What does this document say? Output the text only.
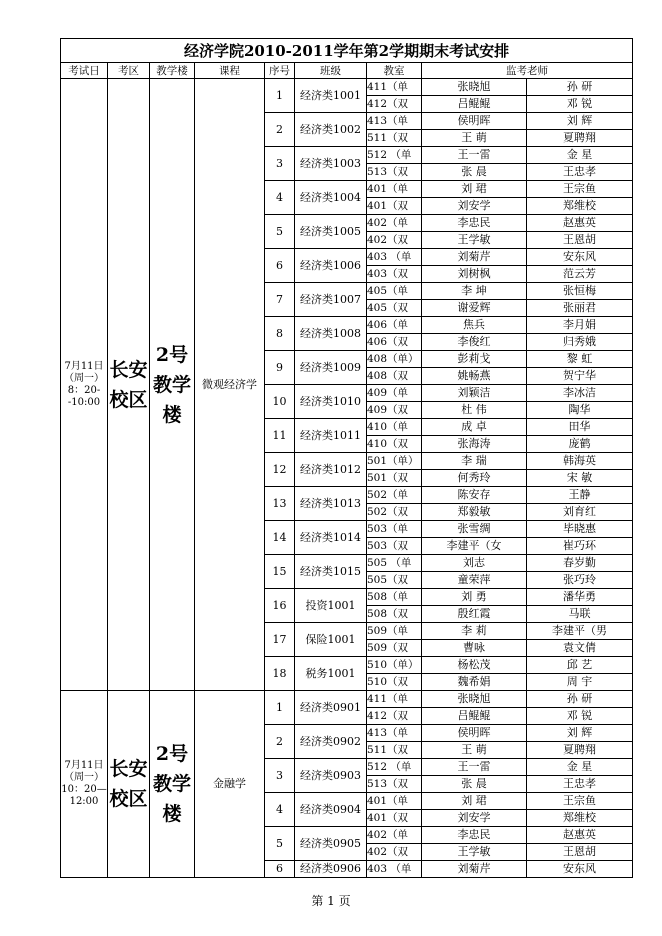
经济学院2010-2011学年第2学期期末考试安排								
考试日	考区	教学楼	课程	序号	班级	教室	监考老师	
7月11日（周一）8：20--10:00	长安校区	2号教学楼	微观经济学	1	经济类1001	411（单	张晓旭	孙 研
						412（双	吕鲲鲲	邓 锐
				2	经济类1002	413（单	侯明晖	刘 辉
						511（双	王 萌	夏聘翔
				3	经济类1003	512 （单	王一雷	金 星
						513（双	张 晨	王忠孝
				4	经济类1004	401（单	刘 珺	王宗鱼
						401（双	刘安学	郑维校
				5	经济类1005	402（单	李忠民	赵惠英
						402（双	王学敏	王恩胡
				6	经济类1006	403 （单	刘菊芹	安东风
						403（双	刘树枫	范云芳
				7	经济类1007	405（单	李 坤	张恒梅
						405（双	谢爱辉	张丽君
				8	经济类1008	406（单	焦兵	李月娟
						406（双	李俊红	归秀娥
				9	经济类1009	408（单）	彭莉戈	黎 虹
						408（双	姚畅燕	贺宁华
				10	经济类1010	409（单	刘颖洁	李冰洁
						409（双	杜 伟	陶华
				11	经济类1011	410（单	成 卓	田华
						410（双	张海涛	庞鹤
				12	经济类1012	501（单）	李 瑞	韩海英
						501（双	何秀玲	宋 敏
				13	经济类1013	502（单	陈安存	王静
						502（双	郑毅敏	刘育红
				14	经济类1014	503（单	张雪绸	毕晓惠
						503（双	李建平（女	崔巧环
				15	经济类1015	505 （单	刘志	春岁勤
						505（双	童荣萍	张巧玲
				16	投资1001	508（单	刘 勇	潘华勇
						508（双	殷红霞	马联
				17	保险1001	509（单	李 莉	李建平（男
						509（双	曹咏	袁文倩
				18	税务1001	510（单）	杨松茂	邱 艺
						510（双	魏希娟	周 宇
7月11日（周一）10：20—12:00	长安校区	2号教学楼	金融学	1	经济类0901	411（单	张晓旭	孙 研
						412（双	吕鲲鲲	邓 锐
				2	经济类0902	413（单	侯明晖	刘 辉
						511（双	王 萌	夏聘翔
				3	经济类0903	512 （单	王一雷	金 星
						513（双	张 晨	王忠孝
				4	经济类0904	401（单	刘 珺	王宗鱼
						401（双	刘安学	郑维校
				5	经济类0905	402（单	李忠民	赵惠英
						402（双	王学敏	王恩胡
				6	经济类0906	403 （单	刘菊芹	安东风
第 1 页
